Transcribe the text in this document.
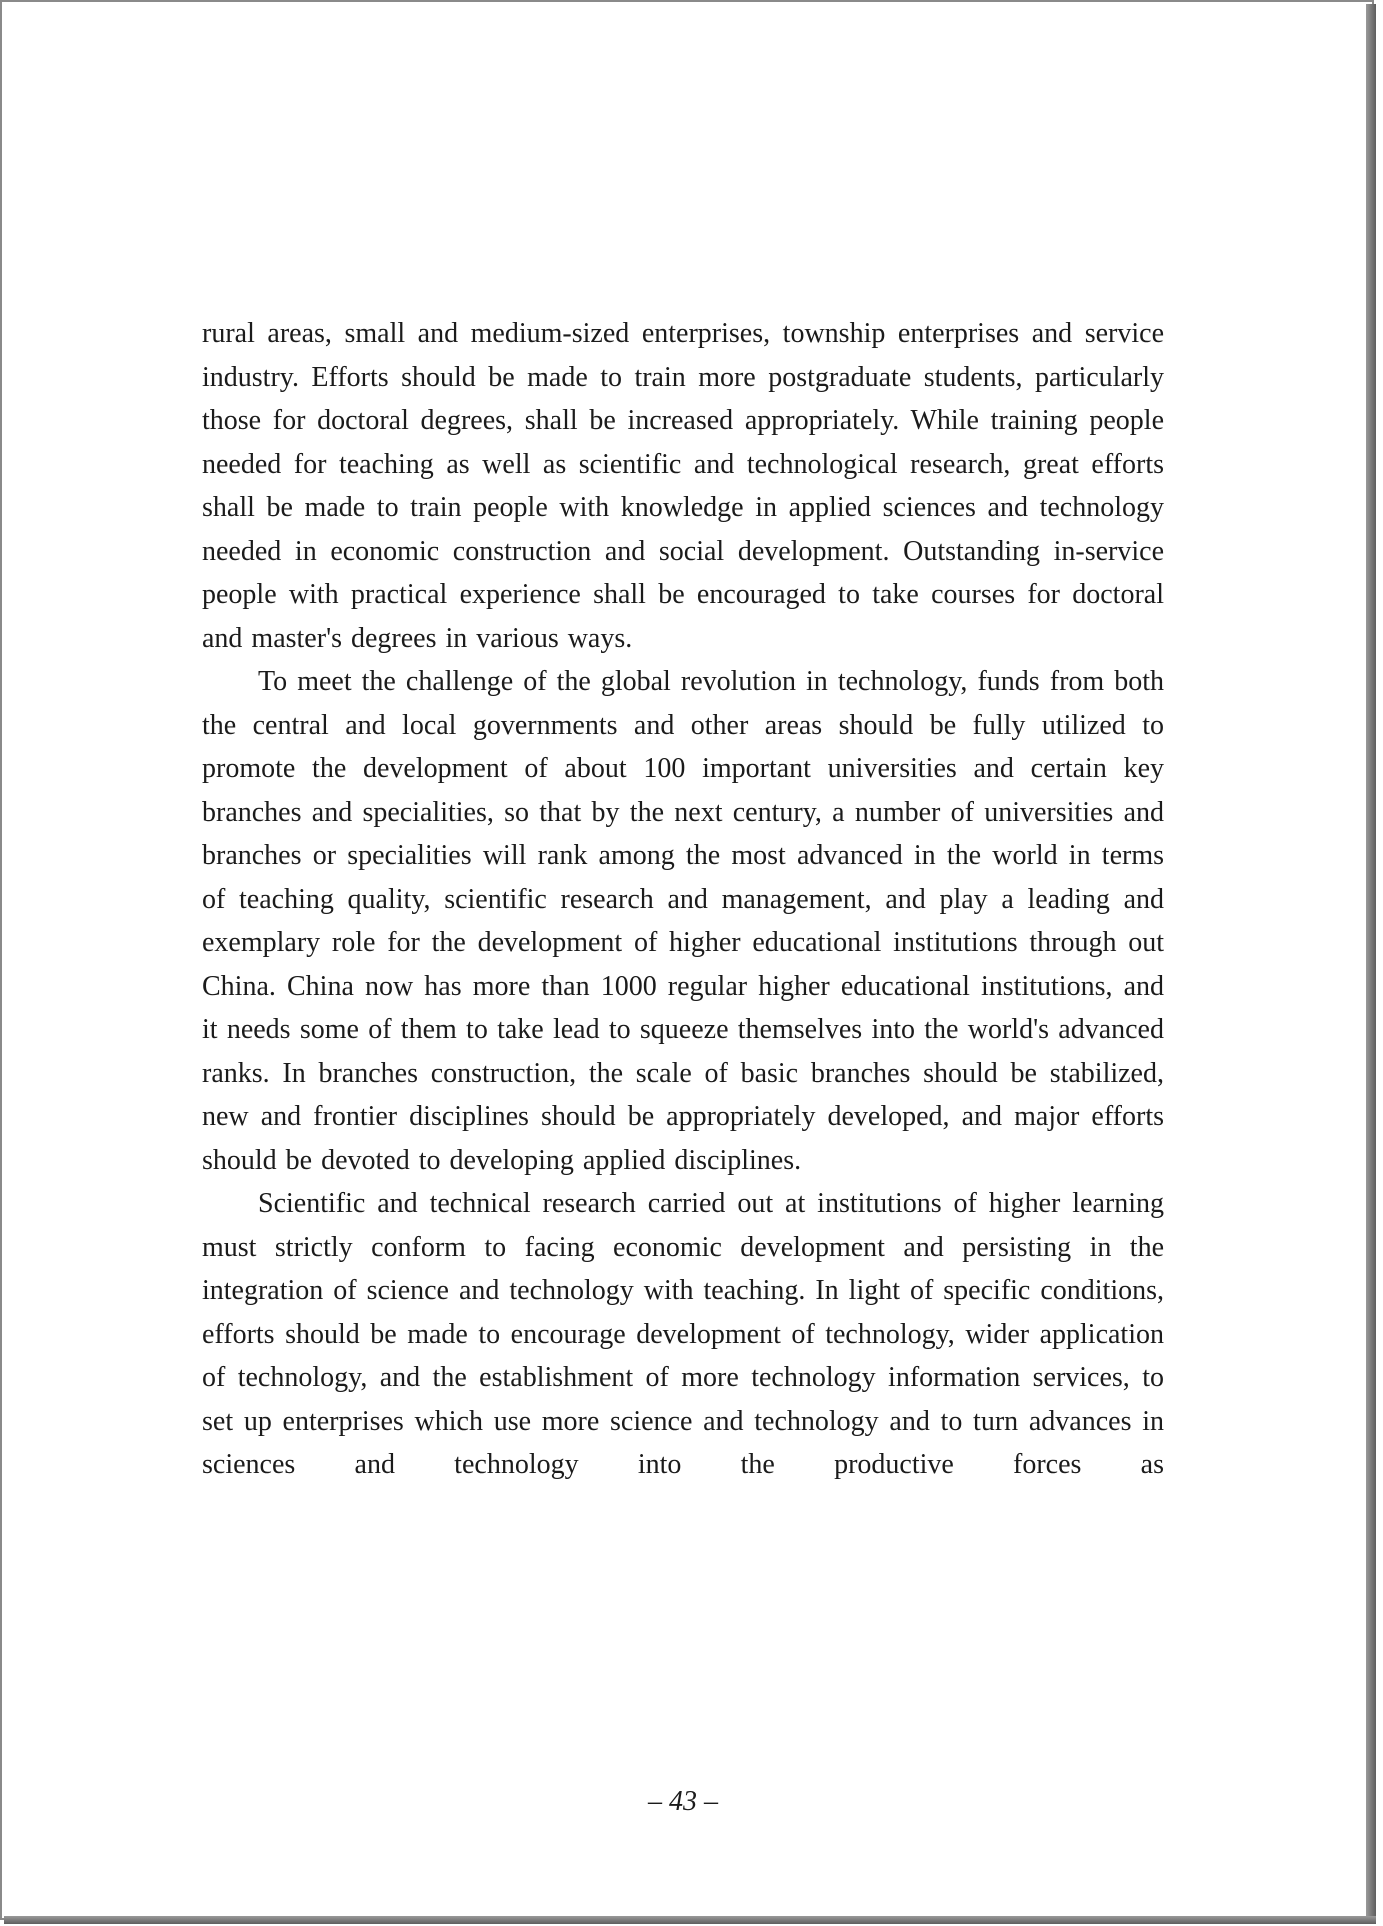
rural areas, small and medium-sized enterprises, township enterprises and service industry. Efforts should be made to train more postgraduate students, particularly those for doctoral degrees, shall be increased appropriately. While training people needed for teaching as well as scientific and technological research, great efforts shall be made to train people with knowledge in applied sciences and technology needed in economic construction and social development. Outstanding in-service people with practical experience shall be encouraged to take courses for doctoral and master's degrees in various ways.

To meet the challenge of the global revolution in technology, funds from both the central and local governments and other areas should be fully utilized to promote the development of about 100 important universities and certain key branches and specialities, so that by the next century, a number of universities and branches or specialities will rank among the most advanced in the world in terms of teaching quality, scientific research and management, and play a leading and exemplary role for the development of higher educational institutions through out China. China now has more than 1000 regular higher educational institutions, and it needs some of them to take lead to squeeze themselves into the world's advanced ranks. In branches construction, the scale of basic branches should be stabilized, new and frontier disciplines should be appropriately developed, and major efforts should be devoted to developing applied disciplines.

Scientific and technical research carried out at institutions of higher learning must strictly conform to facing economic development and persisting in the integration of science and technology with teaching. In light of specific conditions, efforts should be made to encourage development of technology, wider application of technology, and the establishment of more technology information services, to set up enterprises which use more science and technology and to turn advances in sciences and technology into the productive forces as

– 43 –
